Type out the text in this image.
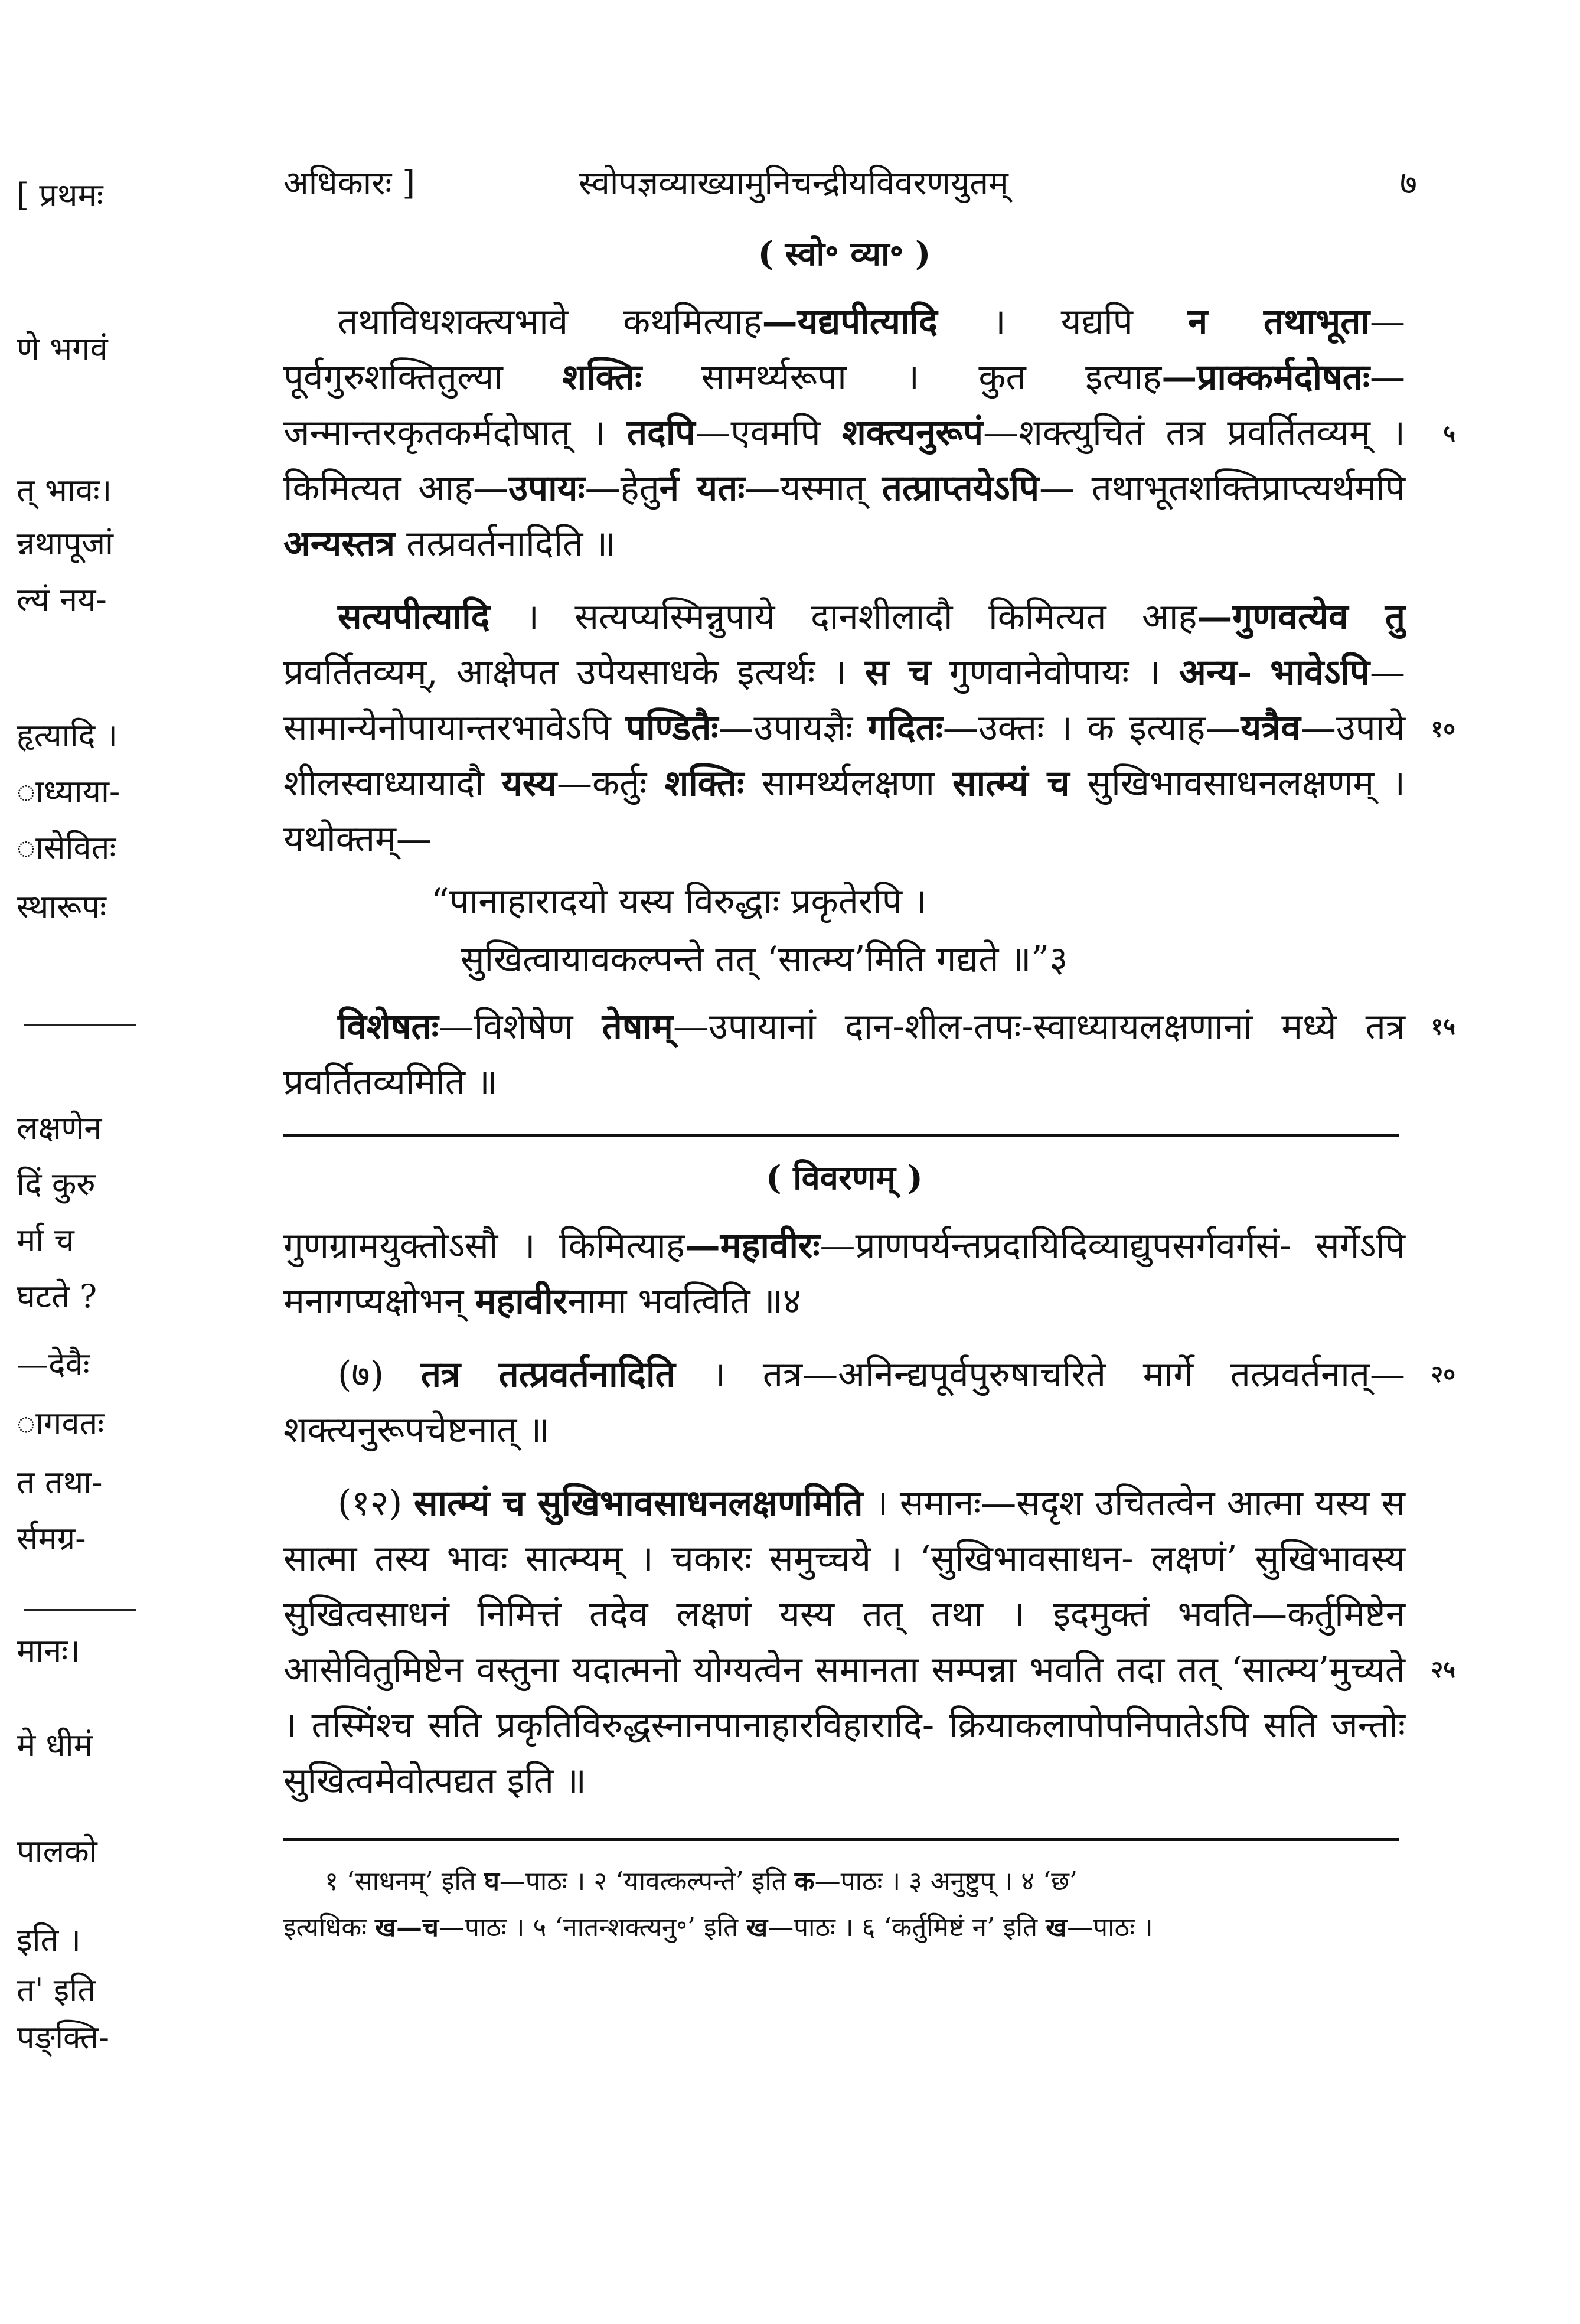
[ प्रथमः
णे भगवं
त् भावः।
न्नथापूजां
ल्यं नय-
हृत्यादि ।
ाध्याया-
ासेवितः
स्थारूपः
लक्षणेन
दिं कुरु
र्मा च
घटते ?
—देवैः
ागवतः
त तथा-
र्समग्र-
मानः।
मे धीमं
पालको
इति ।
त' इति
पङ्क्ति-
अधिकारः ]	स्वोपज्ञव्याख्यामुनिचन्द्रीयविवरणयुतम्	७
( स्वो॰ व्या॰ )

तथाविधशक्त्यभावे कथमित्याह—यद्यपीत्यादि । यद्यपि न तथाभूता— पूर्वगुरुशक्तितुल्या शक्तिः सामर्थ्यरूपा । कुत इत्याह—प्राक्कर्मदोषतः— जन्मान्तरकृतकर्मदोषात् । तदपि—एवमपि शक्त्यनुरूपं—शक्त्युचितं तत्र प्रवर्तितव्यम् । किमित्यत आह—उपायः—हेतुर्न यतः—यस्मात् तत्प्राप्तयेऽपि— तथाभूतशक्तिप्राप्त्यर्थमपि अन्यस्तत्र तत्प्रवर्तनादिति ॥
५

सत्यपीत्यादि । सत्यप्यस्मिन्नुपाये दानशीलादौ किमित्यत आह—गुणवत्येव तु प्रवर्तितव्यम्, आक्षेपत उपेयसाधके इत्यर्थः । स च गुणवानेवोपायः । अन्य- भावेऽपि—सामान्येनोपायान्तरभावेऽपि पण्डितैः—उपायज्ञैः गदितः—उक्तः । क इत्याह—यत्रैव—उपाये शीलस्वाध्यायादौ यस्य—कर्तुः शक्तिः सामर्थ्यलक्षणा सात्म्यं च सुखिभावसाधनलक्षणम् । यथोक्तम्—
१०

“पानाहारादयो यस्य विरुद्धाः प्रकृतेरपि ।
सुखित्वायावकल्पन्ते तत् ‘सात्म्य’मिति गद्यते ॥”३

विशेषतः—विशेषेण तेषाम्—उपायानां दान-शील-तपः-स्वाध्यायलक्षणानां मध्ये तत्र प्रवर्तितव्यमिति ॥
१५

( विवरणम् )

गुणग्रामयुक्तोऽसौ । किमित्याह—महावीरः—प्राणपर्यन्तप्रदायिदिव्याद्युपसर्गवर्गसं- सर्गेऽपि मनागप्यक्षोभन् महावीरनामा भवत्विति ॥४

(७) तत्र तत्प्रवर्तनादिति । तत्र—अनिन्द्यपूर्वपुरुषाचरिते मार्गे तत्प्रवर्तनात्— शक्त्यनुरूपचेष्टनात् ॥
२०

(१२) सात्म्यं च सुखिभावसाधनलक्षणमिति । समानः—सदृश उचितत्वेन आत्मा यस्य स सात्मा तस्य भावः सात्म्यम् । चकारः समुच्चये । ‘सुखिभावसाधन- लक्षणं’ सुखिभावस्य सुखित्वसाधनं निमित्तं तदेव लक्षणं यस्य तत् तथा । इदमुक्तं भवति—कर्तुमिष्टेन आसेवितुमिष्टेन वस्तुना यदात्मनो योग्यत्वेन समानता सम्पन्ना भवति तदा तत् ‘सात्म्य’मुच्यते । तस्मिंश्च सति प्रकृतिविरुद्धस्नानपानाहारविहारादि- क्रियाकलापोपनिपातेऽपि सति जन्तोः सुखित्वमेवोत्पद्यत इति ॥
२५

१ ‘साधनम्’ इति घ—पाठः । २ ‘यावत्कल्पन्ते’ इति क—पाठः । ३ अनुष्टुप् । ४ ‘छ’
इत्यधिकः ख—च—पाठः । ५ ‘नातन्शक्त्यनु॰’ इति ख—पाठः । ६ ‘कर्तुमिष्टं न’ इति ख—पाठः ।
